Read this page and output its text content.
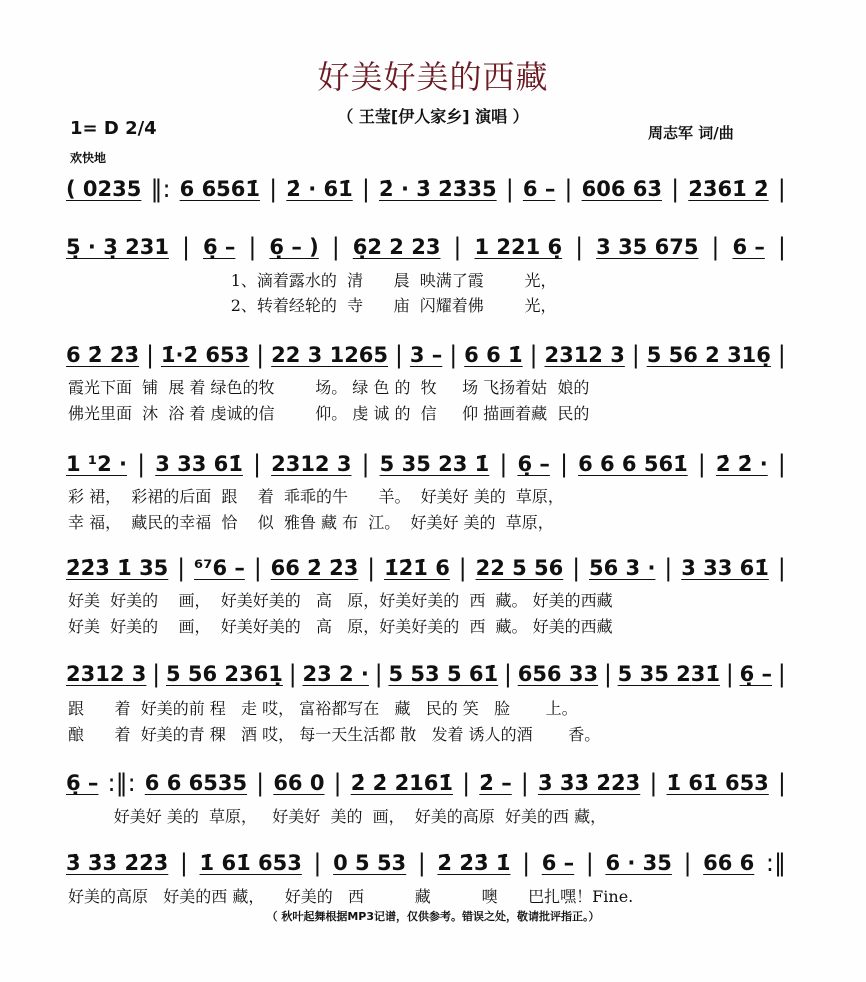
好美好美的西藏
（ 王莹[伊人家乡] 演唱 ）
1= D 2/4
欢快地
周志军 词/曲
( 0235 ‖: 6 6561̇ | 2̇ · 61̇ | 2̇ · 3̇ 2̇3̇35 | 6 – | 606 63̇ | 2̇3̇61̇ 2̇ |
5̣ · 3̣ 231 | 6̣ – | 6̣ – ) | 6̣2 2 23 | 1 221 6̣ | 3 35 675 | 6 – |
1、滴着露水的  清      晨  映满了霞        光，
2、转着经轮的  寺      庙  闪耀着佛        光，
6 2̇ 2̇3̇ | 1̇·2̇ 653 | 22 3 1265 | 3 – | 6 6 1̇ | 2312 3 | 5 56 2 316̣ |
霞光下面  铺  展 着 绿色的牧        场。 绿 色 的  牧     场 飞扬着姑  娘的
佛光里面  沐  浴 着 虔诚的信        仰。 虔 诚 的  信     仰 描画着藏  民的
1 ¹2 · | 3 33 61̇ | 2312 3 | 5 35 23 1̇ | 6̣ – | 6 6 6 561̇ | 2̇ 2̇ · |
彩 裙，  彩裙的后面  跟    着  乖乖的牛      羊。  好美好 美的  草原，
幸 福，  藏民的幸福  恰    似  雅鲁 藏 布  江。  好美好 美的  草原，
2̇2̇3̇ 1̇ 35 | ⁶⁷6 – | 66 2̇ 2̇3̇ | 1̇2̇1̇ 6 | 22 5 56 | 56 3 · | 3 33 61̇ |
好美  好美的    画，  好美好美的   高   原，好美好美的  西  藏。 好美的西藏
好美  好美的    画，  好美好美的   高   原，好美好美的  西  藏。 好美的西藏
2312 3 | 5 56 2361̣ | 23 2 · | 5 53 5 61̇ | 656 33 | 5 35 231̇ | 6̣ – |
跟      着  好美的前 程   走 哎， 富裕都写在   藏   民的 笑   脸       上。
酿      着  好美的青 稞   酒 哎， 每一天生活都 散   发着 诱人的酒       香。
6̣ – :‖: 6 6 6535 | 66 0 | 2̇ 2̇ 2̇161̇ | 2̇ – | 3̇ 3̇3̇ 2̇2̇3̇ | 1̇ 61̇ 653 |
好美好 美的  草原，   好美好  美的  画，  好美的高原  好美的西 藏，
3̇ 3̇3̇ 2̇2̇3̇ | 1̇ 61̇ 653 | 0 5 53 | 2̇ 2̇3̇ 1̇ | 6 – | 6 · 35 | 66 6 :‖
好美的高原   好美的西 藏，    好美的   西          藏          噢      巴扎嘿！Fine.
（ 秋叶起舞根据MP3记谱，仅供参考。错误之处，敬请批评指正。）
